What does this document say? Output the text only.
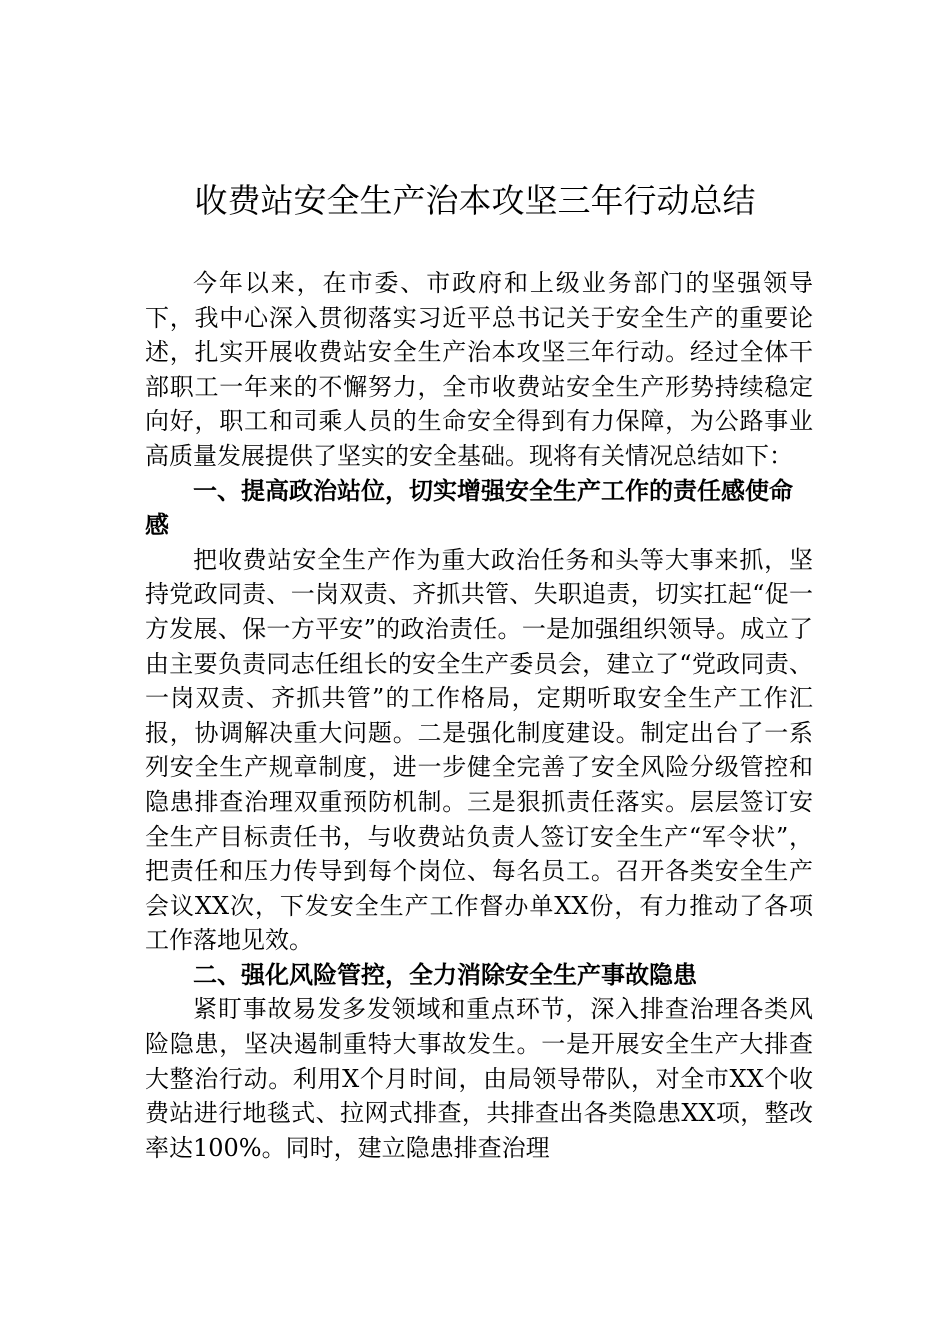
收费站安全生产治本攻坚三年行动总结

今年以来，在市委、市政府和上级业务部门的坚强领导下，我中心深入贯彻落实习近平总书记关于安全生产的重要论述，扎实开展收费站安全生产治本攻坚三年行动。经过全体干部职工一年来的不懈努力，全市收费站安全生产形势持续稳定向好，职工和司乘人员的生命安全得到有力保障，为公路事业高质量发展提供了坚实的安全基础。现将有关情况总结如下：

一、提高政治站位，切实增强安全生产工作的责任感使命感

把收费站安全生产作为重大政治任务和头等大事来抓，坚持党政同责、一岗双责、齐抓共管、失职追责，切实扛起“促一方发展、保一方平安”的政治责任。一是加强组织领导。成立了由主要负责同志任组长的安全生产委员会，建立了“党政同责、一岗双责、齐抓共管”的工作格局，定期听取安全生产工作汇报，协调解决重大问题。二是强化制度建设。制定出台了一系列安全生产规章制度，进一步健全完善了安全风险分级管控和隐患排查治理双重预防机制。三是狠抓责任落实。层层签订安全生产目标责任书，与收费站负责人签订安全生产“军令状”，把责任和压力传导到每个岗位、每名员工。召开各类安全生产会议XX次，下发安全生产工作督办单XX份，有力推动了各项工作落地见效。

二、强化风险管控，全力消除安全生产事故隐患

紧盯事故易发多发领域和重点环节，深入排查治理各类风险隐患，坚决遏制重特大事故发生。一是开展安全生产大排查大整治行动。利用X个月时间，由局领导带队，对全市XX个收费站进行地毯式、拉网式排查，共排查出各类隐患XX项，整改率达100%。同时，建立隐患排查治理
